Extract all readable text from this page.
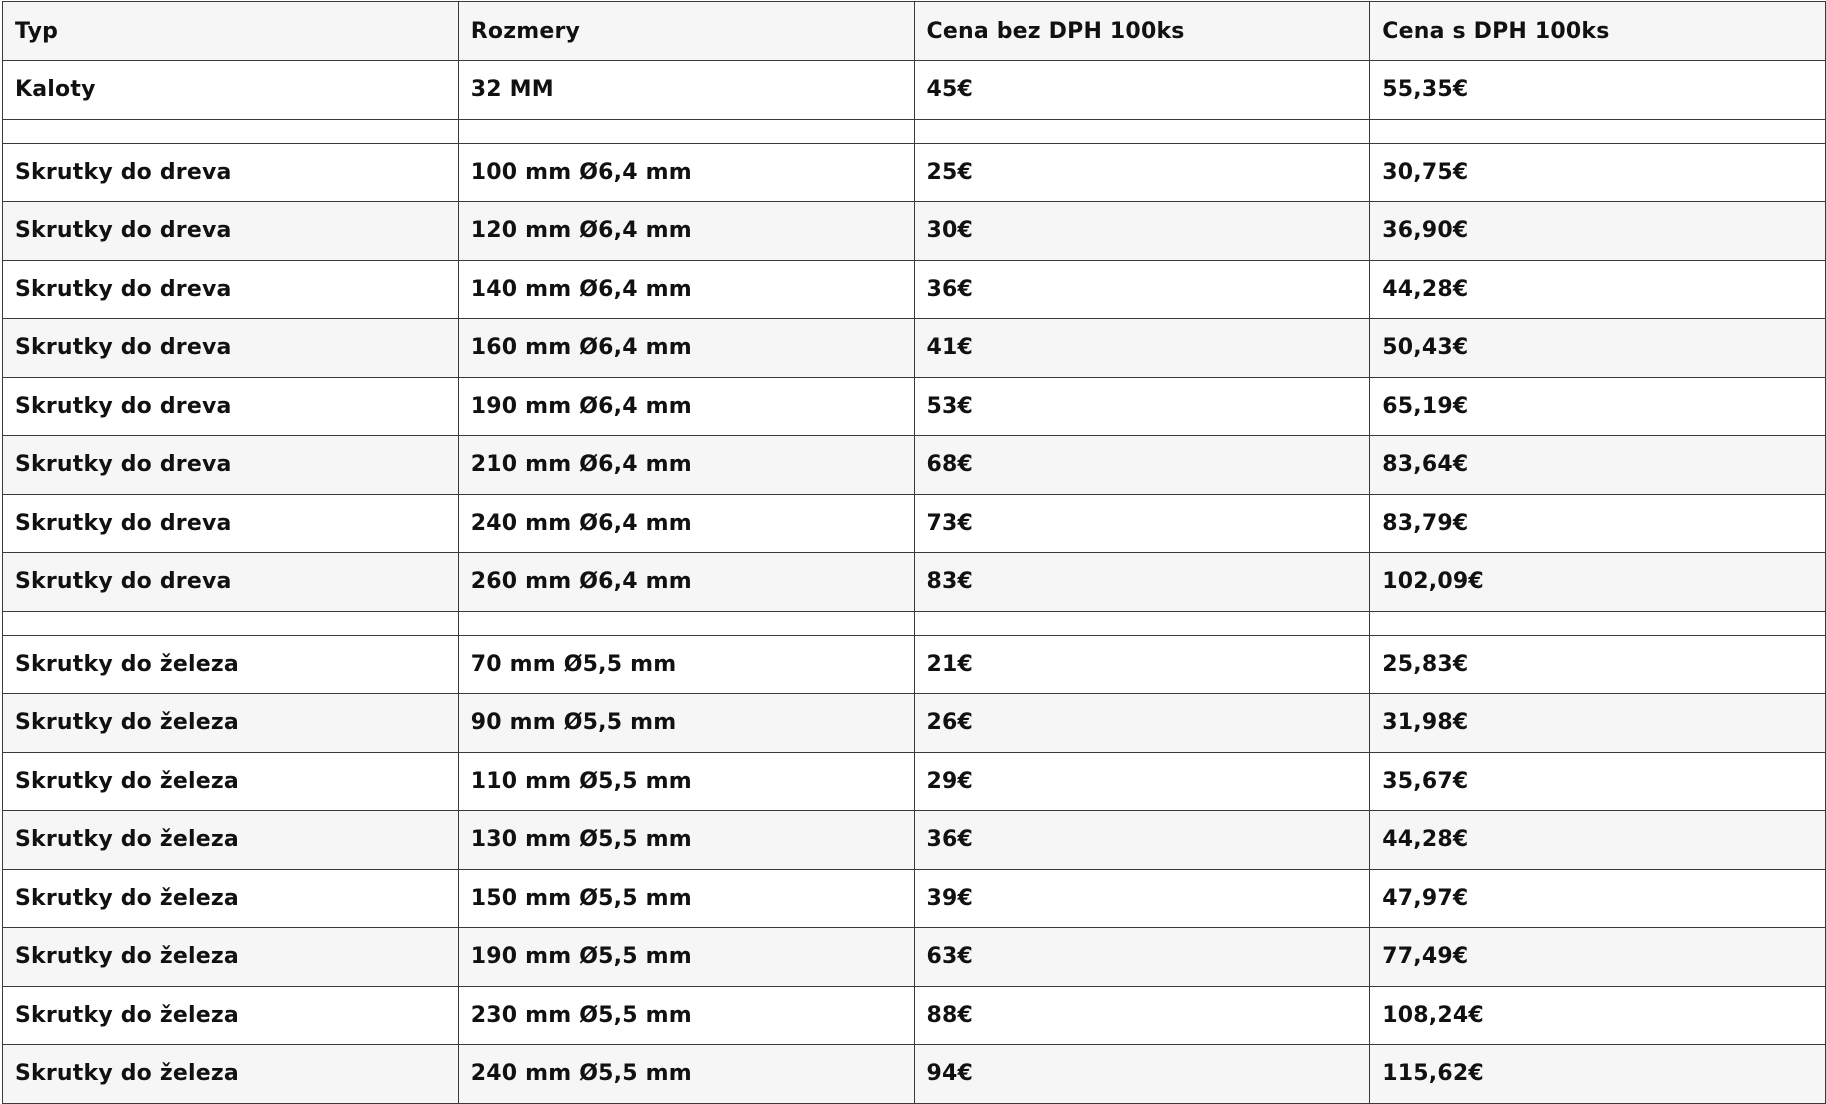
Typ	Rozmery	Cena bez DPH 100ks	Cena s DPH 100ks
Kaloty	32 MM	45€	55,35€

Skrutky do dreva	100 mm Ø6,4 mm	25€	30,75€
Skrutky do dreva	120 mm Ø6,4 mm	30€	36,90€
Skrutky do dreva	140 mm Ø6,4 mm	36€	44,28€
Skrutky do dreva	160 mm Ø6,4 mm	41€	50,43€
Skrutky do dreva	190 mm Ø6,4 mm	53€	65,19€
Skrutky do dreva	210 mm Ø6,4 mm	68€	83,64€
Skrutky do dreva	240 mm Ø6,4 mm	73€	83,79€
Skrutky do dreva	260 mm Ø6,4 mm	83€	102,09€

Skrutky do železa	70 mm Ø5,5 mm	21€	25,83€
Skrutky do železa	90 mm Ø5,5 mm	26€	31,98€
Skrutky do železa	110 mm Ø5,5 mm	29€	35,67€
Skrutky do železa	130 mm Ø5,5 mm	36€	44,28€
Skrutky do železa	150 mm Ø5,5 mm	39€	47,97€
Skrutky do železa	190 mm Ø5,5 mm	63€	77,49€
Skrutky do železa	230 mm Ø5,5 mm	88€	108,24€
Skrutky do železa	240 mm Ø5,5 mm	94€	115,62€
